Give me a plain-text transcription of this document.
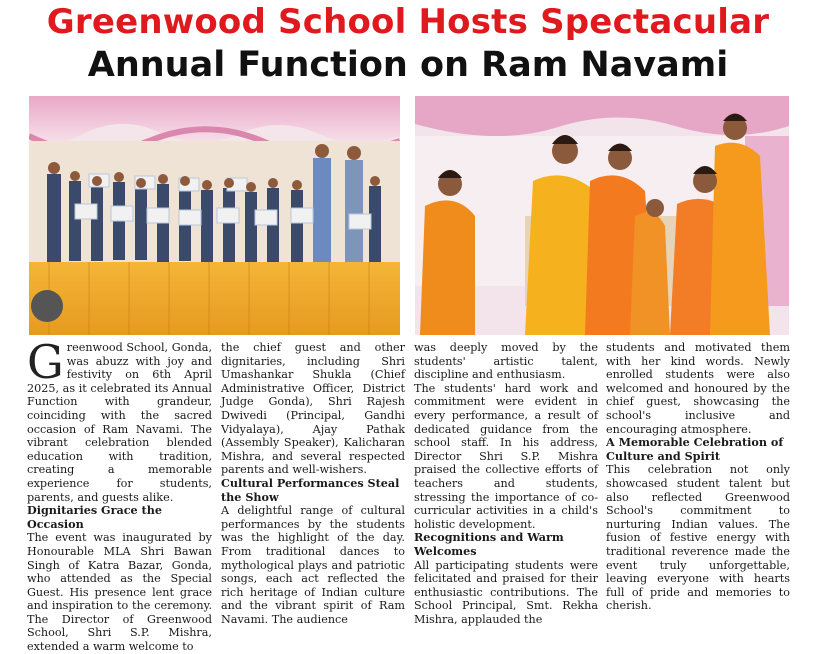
Greenwood School Hosts Spectacular
Annual Function on Ram Navami
G reenwood School, Gonda, was abuzz with joy and festivity on 6th April 2025, as it celebrated its Annual Function with grandeur, coinciding with the sacred occasion of Ram Navami. The vibrant celebration blended education with tradition, creating a memorable experience for students, parents, and guests alike.

Dignitaries Grace the Occasion

The event was inaugurated by Honourable MLA Shri Bawan Singh of Katra Bazar, Gonda, who attended as the Special Guest. His presence lent grace and inspiration to the ceremony. The Director of Greenwood School, Shri S.P. Mishra, extended a warm welcome to

the chief guest and other dignitaries, including Shri Umashankar Shukla (Chief Administrative Officer, District Judge Gonda), Shri Rajesh Dwivedi (Principal, Gandhi Vidyalaya), Ajay Pathak (Assembly Speaker), Kalicharan Mishra, and several respected parents and well-wishers.

Cultural Performances Steal the Show

A delightful range of cultural performances by the students was the highlight of the day. From traditional dances to mythological plays and patriotic songs, each act reflected the rich heritage of Indian culture and the vibrant spirit of Ram Navami. The audience

was deeply moved by the students' artistic talent, discipline and enthusiasm.

The students' hard work and commitment were evident in every performance, a result of dedicated guidance from the school staff. In his address, Director Shri S.P. Mishra praised the collective efforts of teachers and students, stressing the importance of co-curricular activities in a child's holistic development.

Recognitions and Warm Welcomes

All participating students were felicitated and praised for their enthusiastic contributions. The School Principal, Smt. Rekha Mishra, applauded the

students and motivated them with her kind words. Newly enrolled students were also welcomed and honoured by the chief guest, showcasing the school's inclusive and encouraging atmosphere.

A Memorable Celebration of Culture and Spirit

This celebration not only showcased student talent but also reflected Greenwood School's commitment to nurturing Indian values. The fusion of festive energy with traditional reverence made the event truly unforgettable, leaving everyone with hearts full of pride and memories to cherish.
